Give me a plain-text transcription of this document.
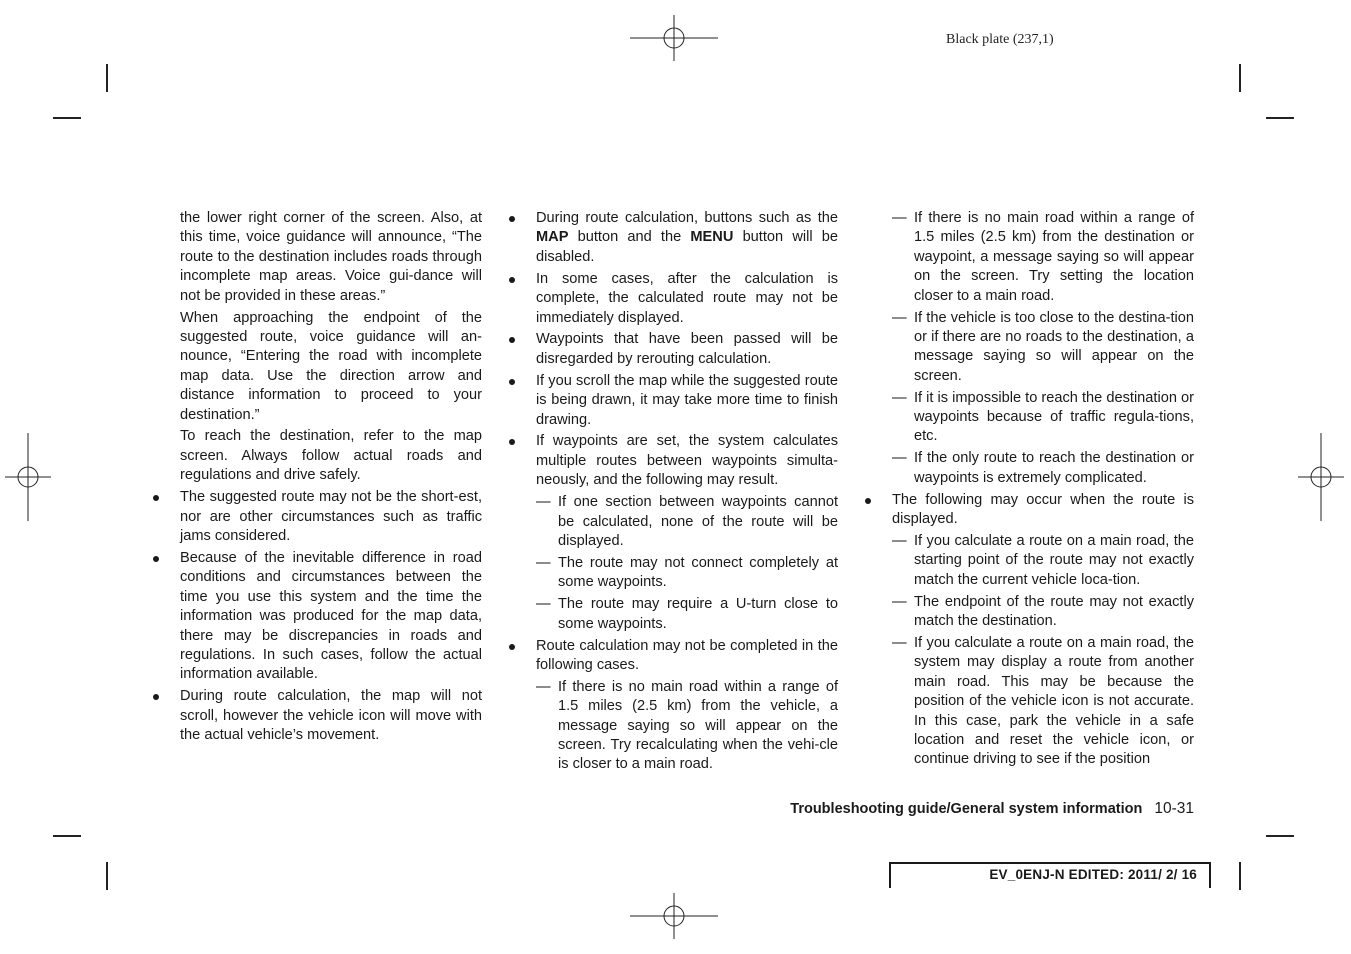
Black plate (237,1)

the lower right corner of the screen. Also, at this time, voice guidance will announce, “The route to the destination includes roads through incomplete map areas. Voice gui-dance will not be provided in these areas.”

When approaching the endpoint of the suggested route, voice guidance will an-nounce, “Entering the road with incomplete map data. Use the direction arrow and distance information to proceed to your destination.”

To reach the destination, refer to the map screen. Always follow actual roads and regulations and drive safely.

The suggested route may not be the short-est, nor are other circumstances such as traffic jams considered.
Because of the inevitable difference in road conditions and circumstances between the time you use this system and the time the information was produced for the map data, there may be discrepancies in roads and regulations. In such cases, follow the actual information available.
During route calculation, the map will not scroll, however the vehicle icon will move with the actual vehicle’s movement.
During route calculation, buttons such as the MAP button and the MENU button will be disabled.
In some cases, after the calculation is complete, the calculated route may not be immediately displayed.
Waypoints that have been passed will be disregarded by rerouting calculation.
If you scroll the map while the suggested route is being drawn, it may take more time to finish drawing.
If waypoints are set, the system calculates multiple routes between waypoints simulta-neously, and the following may result.
— If one section between waypoints cannot be calculated, none of the route will be displayed.
— The route may not connect completely at some waypoints.
— The route may require a U-turn close to some waypoints.
Route calculation may not be completed in the following cases.
— If there is no main road within a range of 1.5 miles (2.5 km) from the vehicle, a message saying so will appear on the screen. Try recalculating when the vehi-cle is closer to a main road.
— If there is no main road within a range of 1.5 miles (2.5 km) from the destination or waypoint, a message saying so will appear on the screen. Try setting the location closer to a main road.
— If the vehicle is too close to the destina-tion or if there are no roads to the destination, a message saying so will appear on the screen.
— If it is impossible to reach the destination or waypoints because of traffic regula-tions, etc.
— If the only route to reach the destination or waypoints is extremely complicated.
The following may occur when the route is displayed.
— If you calculate a route on a main road, the starting point of the route may not exactly match the current vehicle loca-tion.
— The endpoint of the route may not exactly match the destination.
— If you calculate a route on a main road, the system may display a route from another main road. This may be because the position of the vehicle icon is not accurate. In this case, park the vehicle in a safe location and reset the vehicle icon, or continue driving to see if the position
Troubleshooting guide/General system information 10-31
EV_0ENJ-N EDITED: 2011/ 2/ 16
